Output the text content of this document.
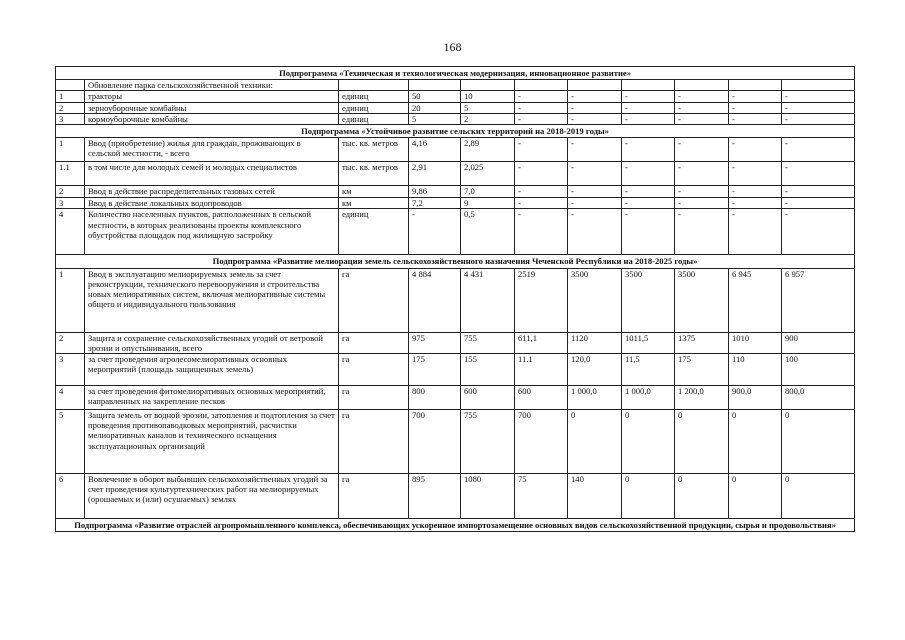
168
Подпрограмма «Техническая и технологическая модернизация, инновационное развитие»										
	Обновление парка сельскохозяйственной техники:									
1	тракторы	единиц	50	10	-	-	-	-	-	-
2	зерноуборочные комбайны	единиц	20	5	-	-	-	-	-	-
3	кормоуборочные комбайны	единиц	5	2	-	-	-	-	-	-
Подпрограмма «Устойчивое развитие сельских территорий на 2018-2019 годы»										
1	Ввод (приобретение) жилья для граждан, проживающих в сельской местности, - всего	тыс. кв. метров	4,16	2,89	-	-	-	-	-	-
1.1	в том числе для молодых семей и молодых специалистов	тыс. кв. метров	2,91	2,025	-	-	-	-	-	-
2	Ввод в действие распределительных газовых сетей	км	9,86	7,0	-	-	-	-	-	-
3	Ввод в действие локальных водопроводов	км	7,2	9	-	-	-	-	-	-
4	Количество населенных пунктов, расположенных в сельской местности, в которых реализованы проекты комплексного обустройства площадок под жилищную застройку	единиц	-	0,5	-	-	-	-	-	-
Подпрограмма «Развитие мелиорации земель сельскохозяйственного назначения Чеченской Республики на 2018-2025 годы»										
1	Ввод в эксплуатацию мелиорируемых земель за счет реконструкции, технического перевооружения и строительства новых мелиоративных систем, включая мелиоративные системы общего и индивидуального пользования	га	4 884	4 431	2519	3500	3500	3500	6 945	6 957
2	Защита и сохранение сельскохозяйственных угодий от ветровой эрозии и опустынивания, всего	га	975	755	611,1	1120	1011,5	1375	1010	900
3	за счет проведения агролесомелиоративных основных мероприятий (площадь защищенных земель)	га	175	155	11.1	120,0	11,5	175	110	100
4	за счет проведения фитомелиоративных основных мероприятий, направленных на закрепление песков	га	800	600	600	1 000,0	1 000,0	1 200,0	900,0	800,0
5	Защита земель от водной эрозии, затопления и подтопления за счет проведения противопаводковых мероприятий, расчистки мелиоративных каналов и технического оснащения эксплуатационных организаций	га	700	755	700	0	0	0	0	0
6	Вовлечение в оборот выбывших сельскохозяйственных угодий за счет проведения культуртехнических работ на мелиорируемых (орошаемых и (или) осушаемых) землях	га	895	1080	75	140	0	0	0	0
Подпрограмма «Развитие отраслей агропромышленного комплекса, обеспечивающих ускоренное импортозамещение основных видов сельскохозяйственной продукции, сырья и продовольствия»										
